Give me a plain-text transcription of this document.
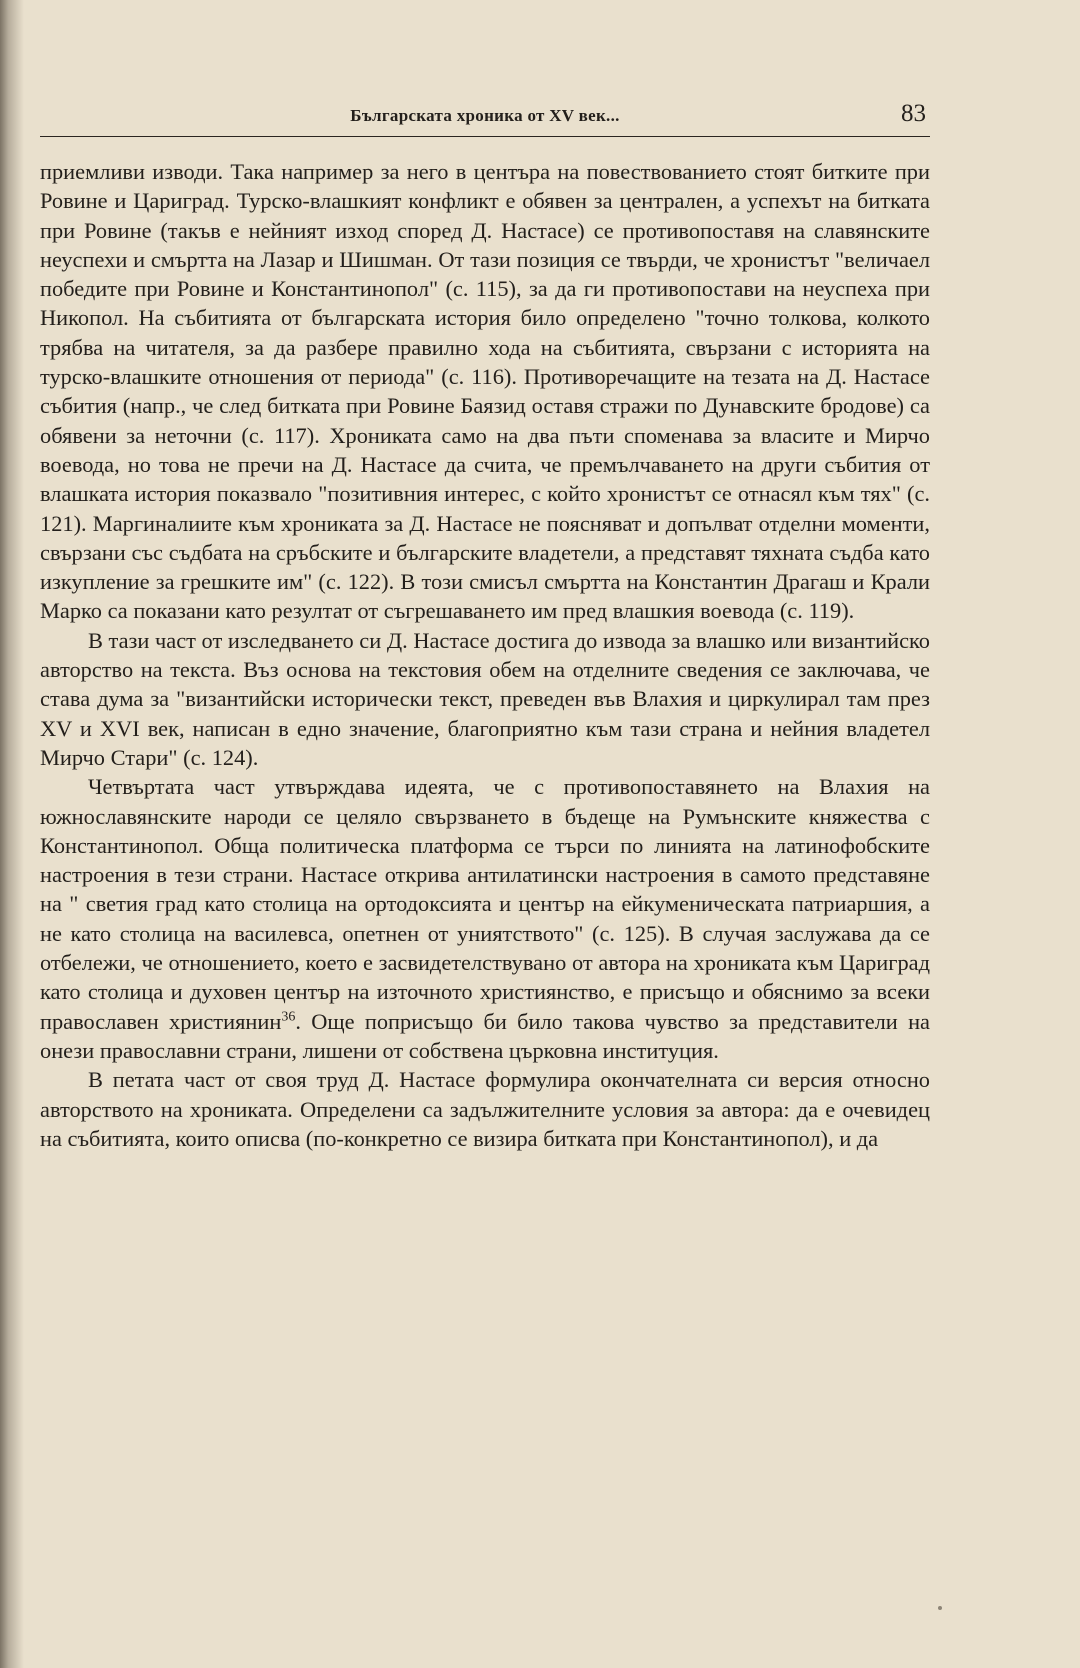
Българската хроника от XV век...	83

приемливи изводи. Така например за него в центъра на повествованието стоят битките при Ровине и Цариград. Турско-влашкият конфликт е обявен за централен, а успехът на битката при Ровине (такъв е нейният изход според Д. Настасе) се противопоставя на славянските неуспехи и смъртта на Лазар и Шишман. От тази позиция се твърди, че хронистът "величаел победите при Ровине и Константинопол" (с. 115), за да ги противопостави на неуспеха при Никопол. На събитията от българската история било определено "точно толкова, колкото трябва на читателя, за да разбере правилно хода на събитията, свързани с историята на турско-влашките отношения от периода" (с. 116). Противоречащите на тезата на Д. Настасе събития (напр., че след битката при Ровине Баязид оставя стражи по Дунавските бродове) са обявени за неточни (с. 117). Хрониката само на два пъти споменава за власите и Мирчо воевода, но това не пречи на Д. Настасе да счита, че премълчаването на други събития от влашката история показвало "позитивния интерес, с който хронистът се отнасял към тях" (с. 121). Маргиналиите към хрониката за Д. Настасе не поясняват и допълват отделни моменти, свързани със съдбата на сръбските и българските владетели, а представят тяхната съдба като изкупление за грешките им" (с. 122). В този смисъл смъртта на Константин Драгаш и Крали Марко са показани като резултат от съгрешаването им пред влашкия воевода (с. 119).

В тази част от изследването си Д. Настасе достига до извода за влашко или византийско авторство на текста. Въз основа на текстовия обем на отделните сведения се заключава, че става дума за "византийски исторически текст, преведен във Влахия и циркулирал там през XV и XVI век, написан в едно значение, благоприятно към тази страна и нейния владетел Мирчо Стари" (с. 124).

Четвъртата част утвърждава идеята, че с противопоставянето на Влахия на южнославянските народи се целяло свързването в бъдеще на Румънските княжества с Константинопол. Обща политическа платформа се търси по линията на латинофобските настроения в тези страни. Настасе открива антилатински настроения в самото представяне на " светия град като столица на ортодоксията и център на ейкуменическата патриаршия, а не като столица на василевса, опетнен от униятството" (с. 125). В случая заслужава да се отбележи, че отношението, което е засвидетелствувано от автора на хрониката към Цариград като столица и духовен център на източното християнство, е присъщо и обяснимо за всеки православен християнин$^{36}$. Още поприсъщо би било такова чувство за представители на онези православни страни, лишени от собствена църковна институция.

В петата част от своя труд Д. Настасе формулира окончателната си версия относно авторството на хрониката. Определени са задължителните условия за автора: да е очевидец на събитията, които описва (по-конкретно се визира битката при Константинопол), и да
